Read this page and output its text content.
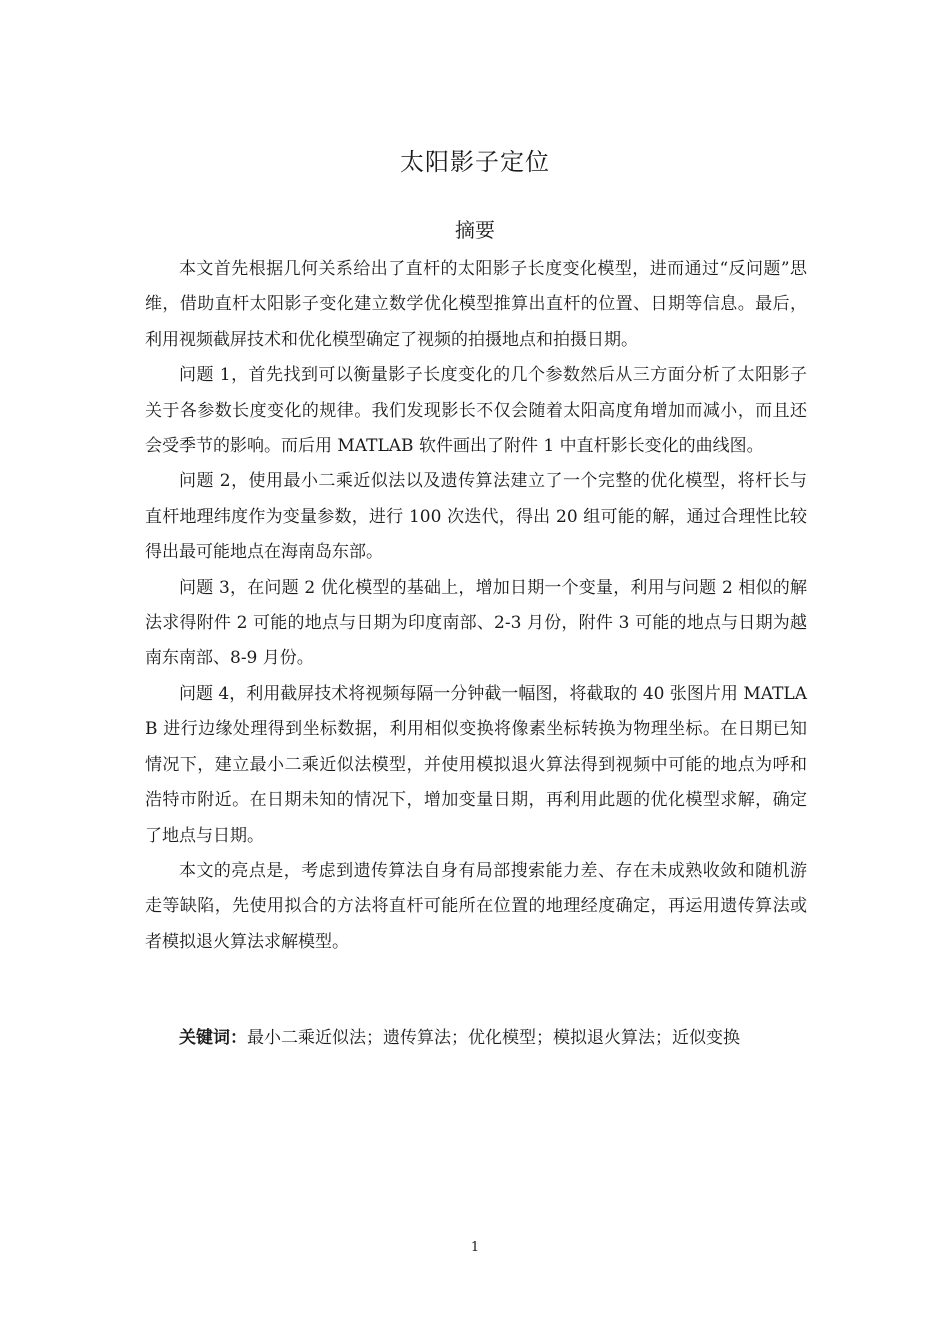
太阳影子定位
摘要

本文首先根据几何关系给出了直杆的太阳影子长度变化模型，进而通过“反问题”思维，借助直杆太阳影子变化建立数学优化模型推算出直杆的位置、日期等信息。最后，利用视频截屏技术和优化模型确定了视频的拍摄地点和拍摄日期。

问题 1，首先找到可以衡量影子长度变化的几个参数然后从三方面分析了太阳影子关于各参数长度变化的规律。我们发现影长不仅会随着太阳高度角增加而减小，而且还会受季节的影响。而后用 MATLAB 软件画出了附件 1 中直杆影长变化的曲线图。

问题 2，使用最小二乘近似法以及遗传算法建立了一个完整的优化模型，将杆长与直杆地理纬度作为变量参数，进行 100 次迭代，得出 20 组可能的解，通过合理性比较得出最可能地点在海南岛东部。

问题 3，在问题 2 优化模型的基础上，增加日期一个变量，利用与问题 2 相似的解法求得附件 2 可能的地点与日期为印度南部、2-3 月份，附件 3 可能的地点与日期为越南东南部、8-9 月份。

问题 4，利用截屏技术将视频每隔一分钟截一幅图，将截取的 40 张图片用 MATLAB 进行边缘处理得到坐标数据，利用相似变换将像素坐标转换为物理坐标。在日期已知情况下，建立最小二乘近似法模型，并使用模拟退火算法得到视频中可能的地点为呼和浩特市附近。在日期未知的情况下，增加变量日期，再利用此题的优化模型求解，确定了地点与日期。

本文的亮点是，考虑到遗传算法自身有局部搜索能力差、存在未成熟收敛和随机游走等缺陷，先使用拟合的方法将直杆可能所在位置的地理经度确定，再运用遗传算法或者模拟退火算法求解模型。

关键词：最小二乘近似法；遗传算法；优化模型；模拟退火算法；近似变换
1
